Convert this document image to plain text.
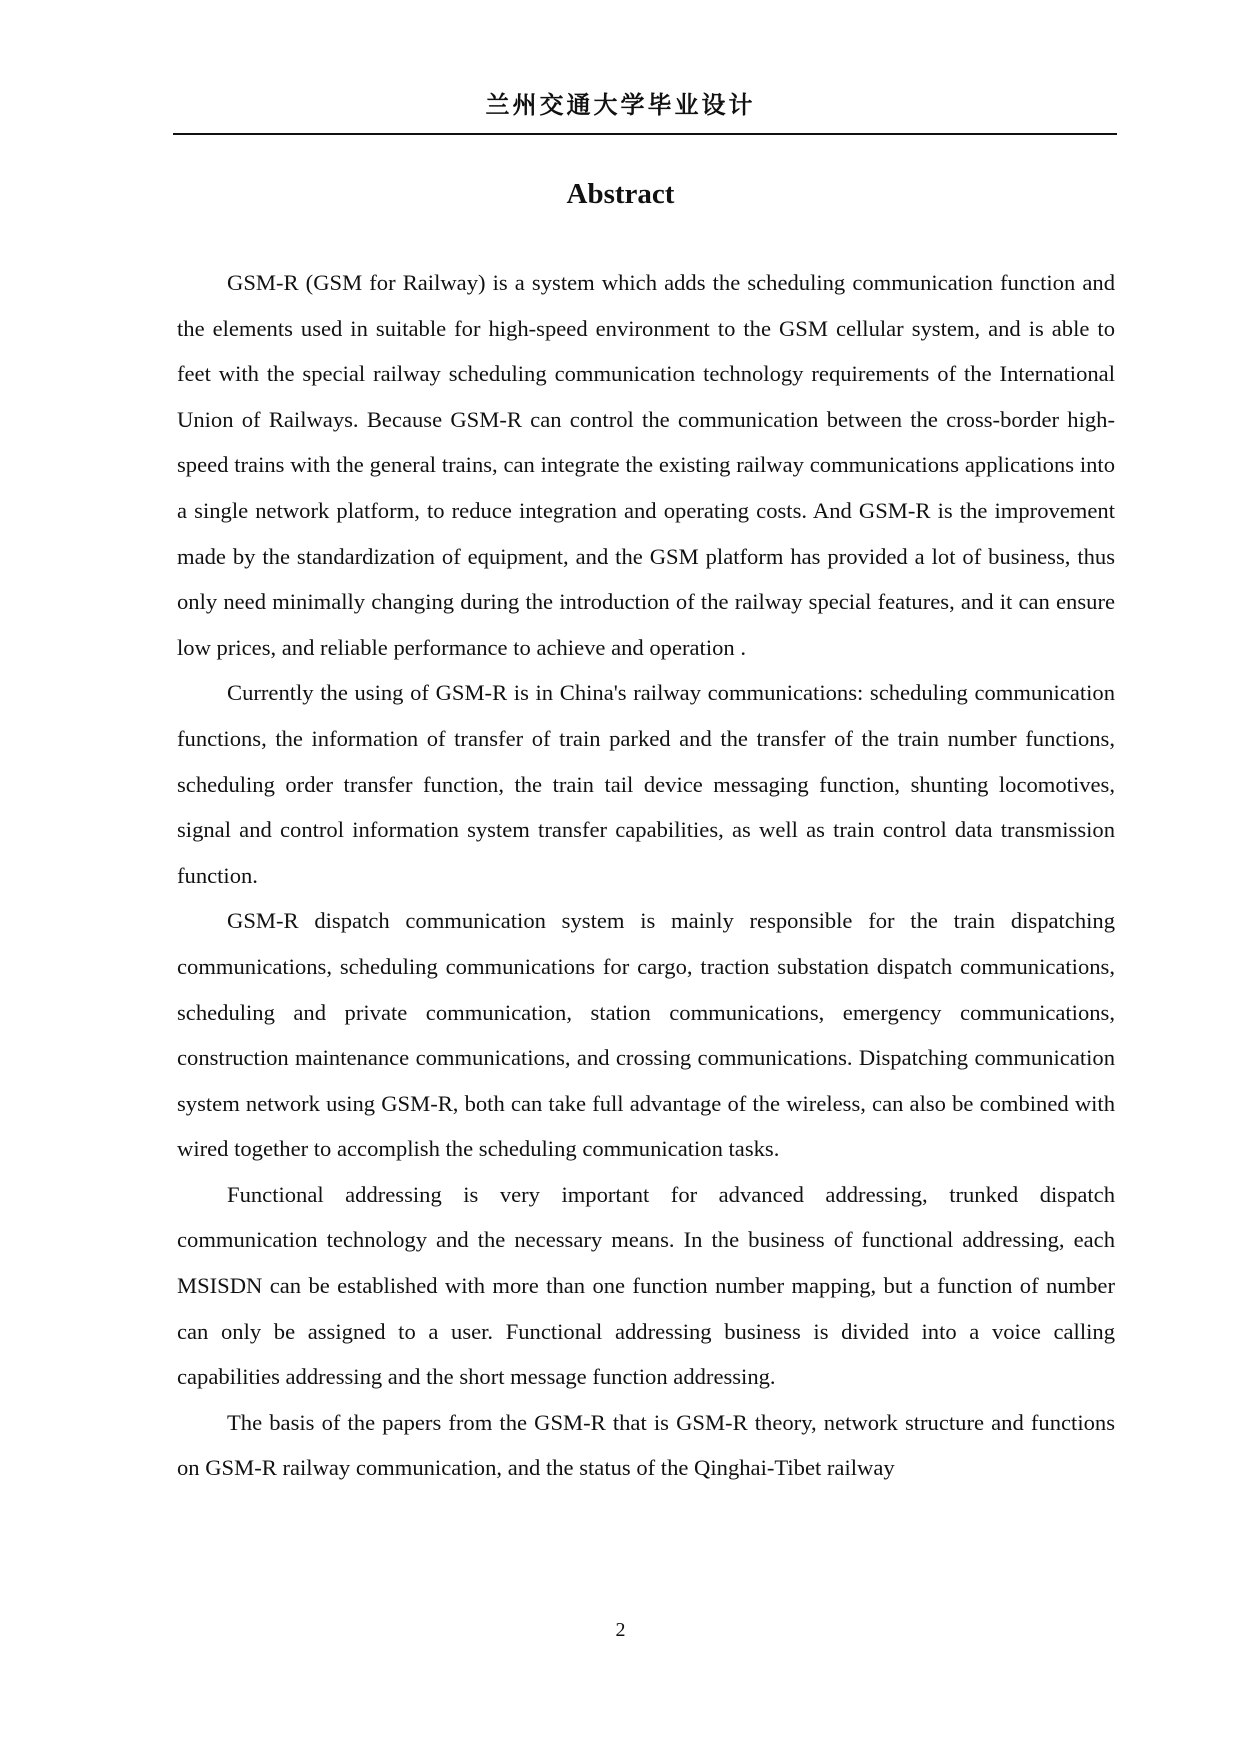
兰州交通大学毕业设计
Abstract

GSM-R (GSM for Railway) is a system which adds the scheduling communication function and the elements used in suitable for high-speed environment to the GSM cellular system, and is able to feet with the special railway scheduling communication technology requirements of the International Union of Railways. Because GSM-R can control the communication between the cross-border high-speed trains with the general trains, can integrate the existing railway communications applications into a single network platform, to reduce integration and operating costs. And GSM-R is the improvement made by the standardization of equipment, and the GSM platform has provided a lot of business, thus only need minimally changing during the introduction of the railway special features, and it can ensure low prices, and reliable performance to achieve and operation .

Currently the using of GSM-R is in China's railway communications: scheduling communication functions, the information of transfer of train parked and the transfer of the train number functions, scheduling order transfer function, the train tail device messaging function, shunting locomotives, signal and control information system transfer capabilities, as well as train control data transmission function.

GSM-R dispatch communication system is mainly responsible for the train dispatching communications, scheduling communications for cargo, traction substation dispatch communications, scheduling and private communication, station communications, emergency communications, construction maintenance communications, and crossing communications. Dispatching communication system network using GSM-R, both can take full advantage of the wireless, can also be combined with wired together to accomplish the scheduling communication tasks.

Functional addressing is very important for advanced addressing, trunked dispatch communication technology and the necessary means. In the business of functional addressing, each MSISDN can be established with more than one function number mapping, but a function of number can only be assigned to a user. Functional addressing business is divided into a voice calling capabilities addressing and the short message function addressing.

The basis of the papers from the GSM-R that is GSM-R theory, network structure and functions on GSM-R railway communication, and the status of the Qinghai-Tibet railway

2
